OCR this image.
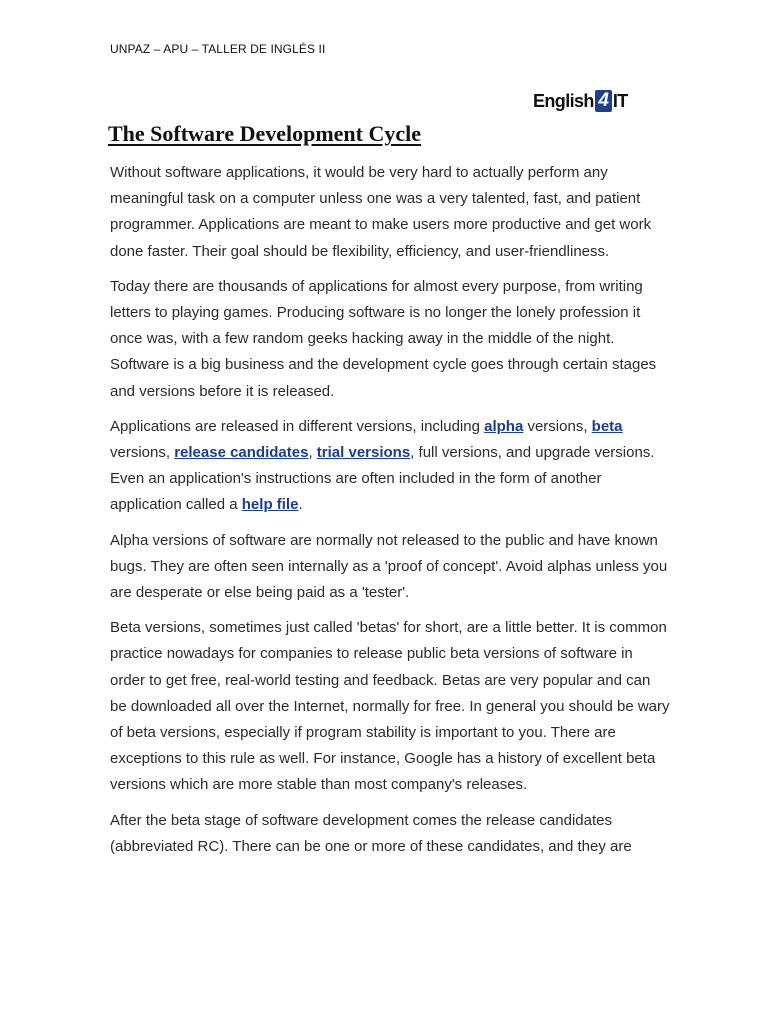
UNPAZ – APU – TALLER DE INGLÉS II
English 4 IT
The Software Development Cycle

Without software applications, it would be very hard to actually perform any meaningful task on a computer unless one was a very talented, fast, and patient programmer. Applications are meant to make users more productive and get work done faster. Their goal should be flexibility, efficiency, and user-friendliness.

Today there are thousands of applications for almost every purpose, from writing letters to playing games. Producing software is no longer the lonely profession it once was, with a few random geeks hacking away in the middle of the night. Software is a big business and the development cycle goes through certain stages and versions before it is released.

Applications are released in different versions, including alpha versions, beta versions, release candidates, trial versions, full versions, and upgrade versions. Even an application's instructions are often included in the form of another application called a help file.

Alpha versions of software are normally not released to the public and have known bugs. They are often seen internally as a 'proof of concept'. Avoid alphas unless you are desperate or else being paid as a 'tester'.

Beta versions, sometimes just called 'betas' for short, are a little better. It is common practice nowadays for companies to release public beta versions of software in order to get free, real-world testing and feedback. Betas are very popular and can be downloaded all over the Internet, normally for free. In general you should be wary of beta versions, especially if program stability is important to you. There are exceptions to this rule as well. For instance, Google has a history of excellent beta versions which are more stable than most company's releases.

After the beta stage of software development comes the release candidates (abbreviated RC). There can be one or more of these candidates, and they are
